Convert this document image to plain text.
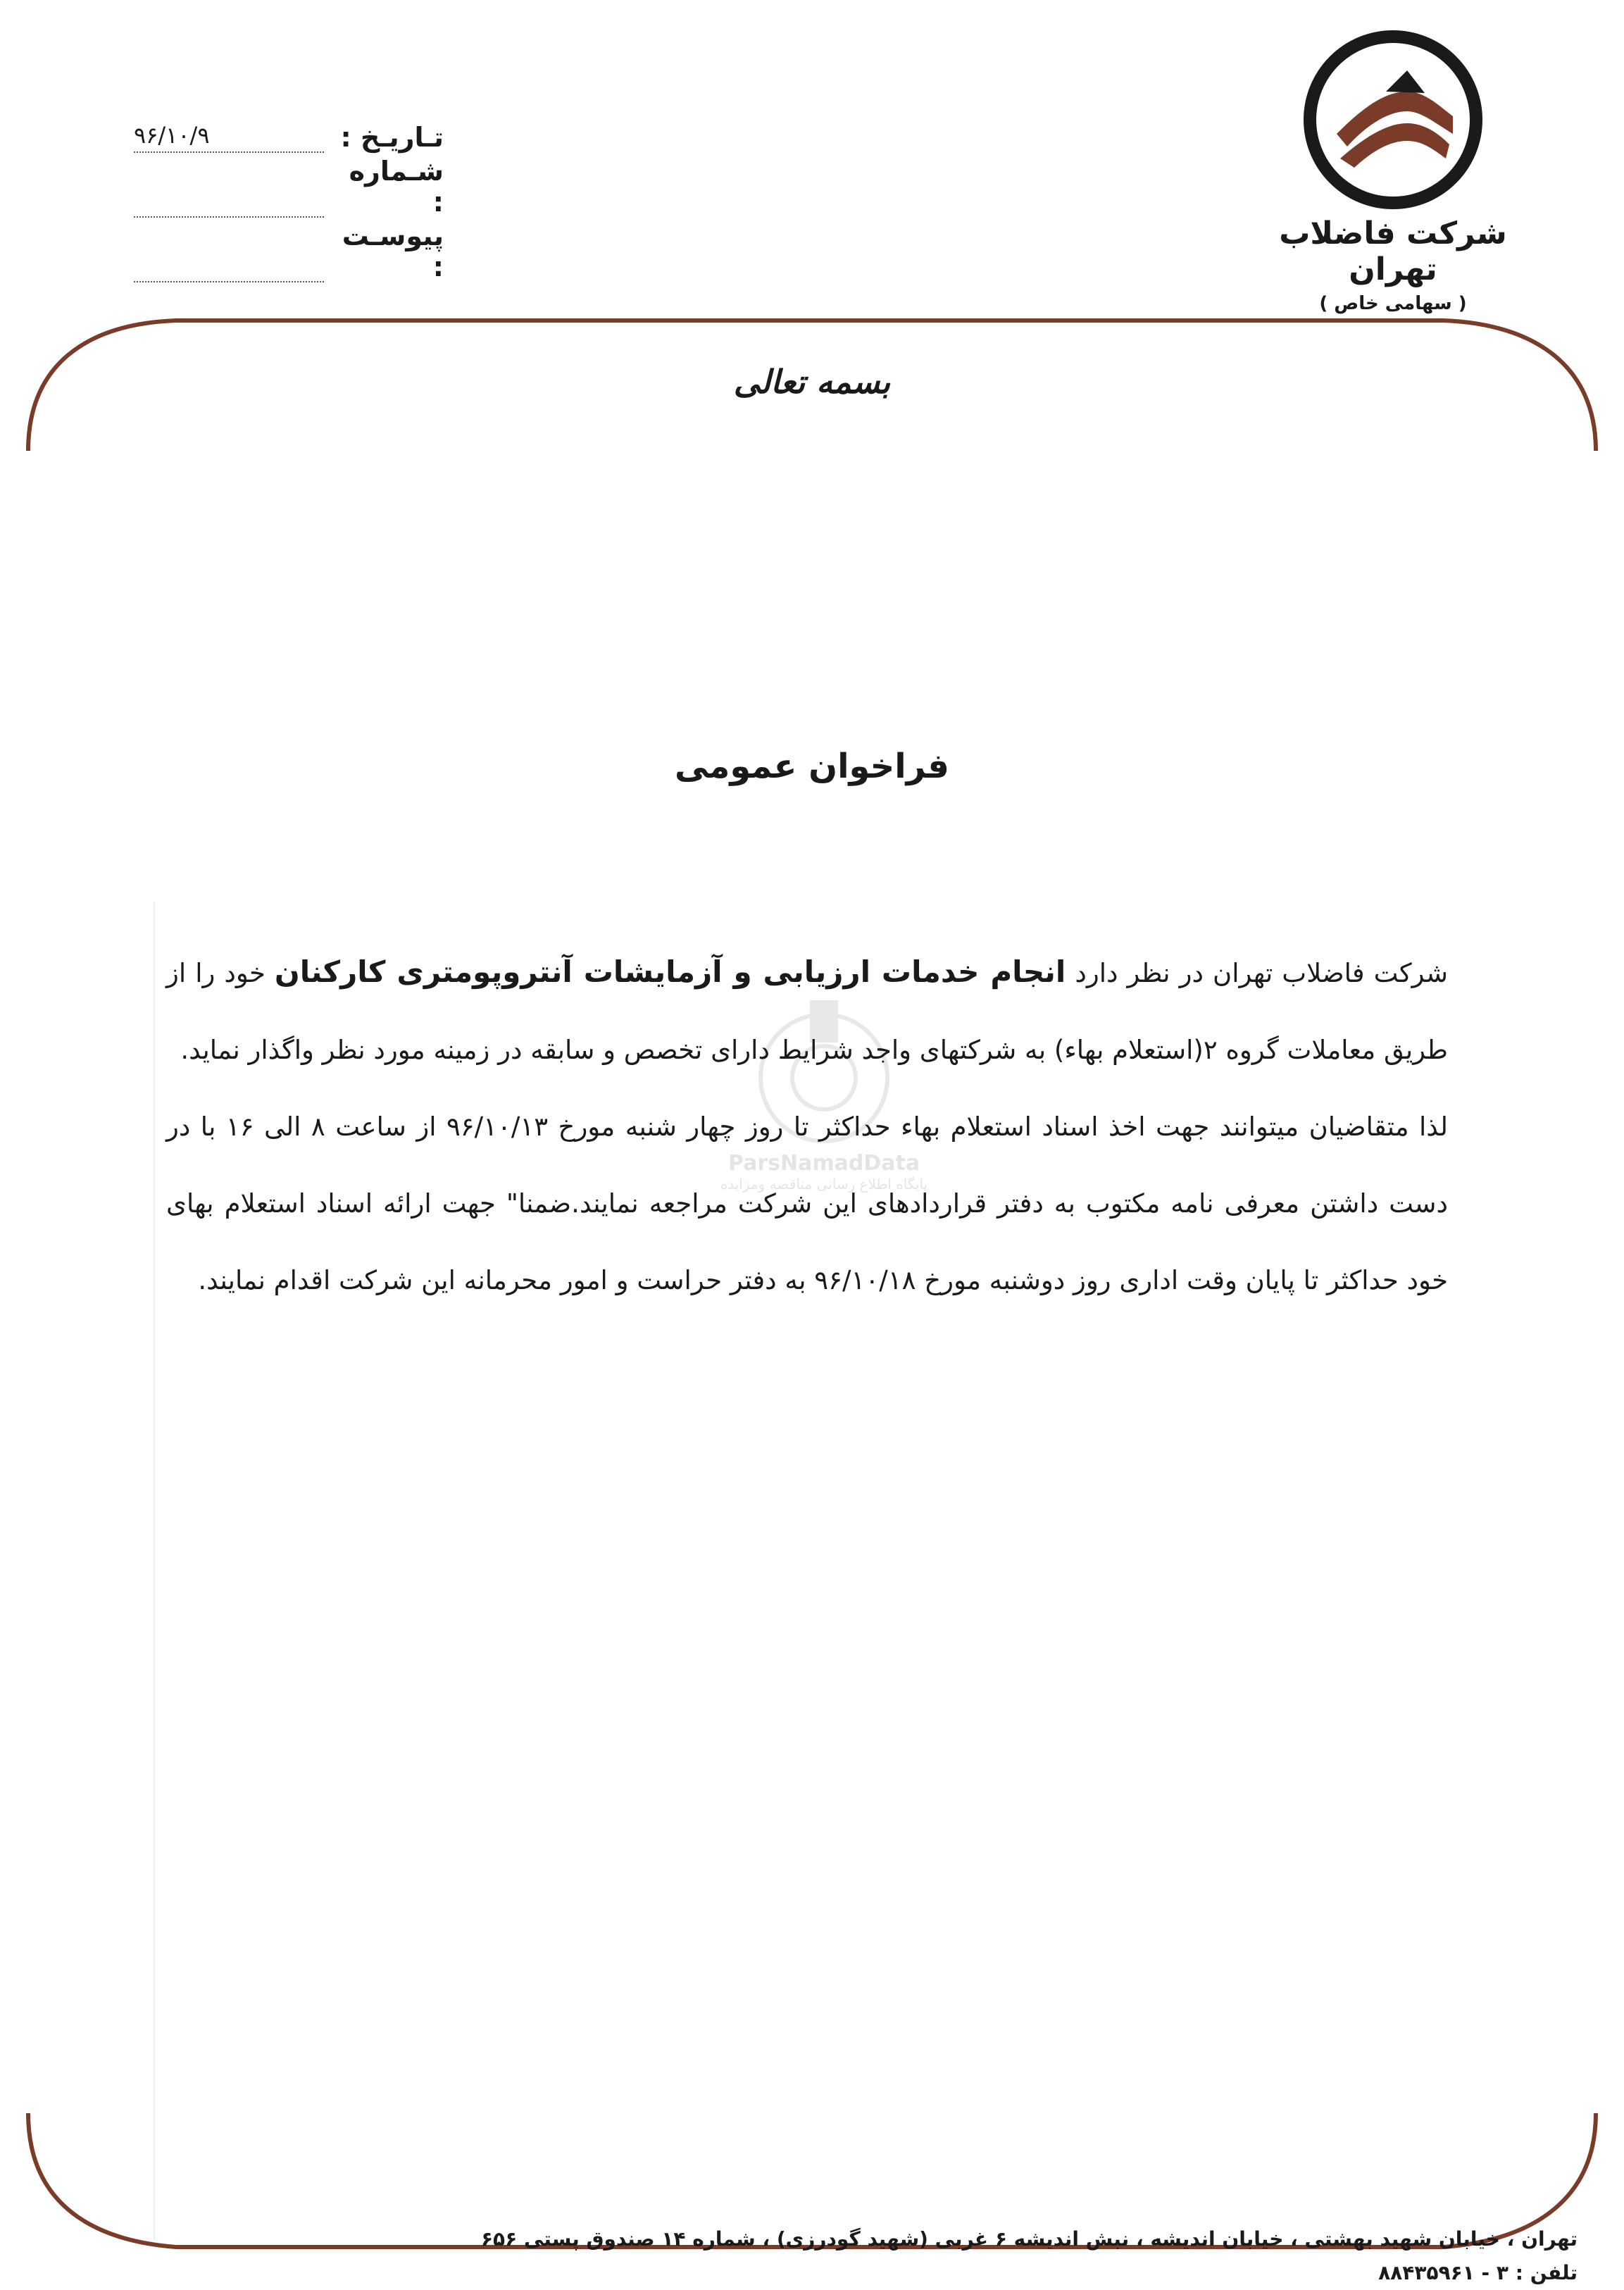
شرکت فاضلاب تهران
( سهامی خاص )
تـاریـخ :
۹۶/۱۰/۹
شـماره :
پیوسـت :
بسمه تعالی
فراخوان عمومی
ParsNamadData
پایگاه اطلاع رسانی مناقصه ومزایده

شرکت فاضلاب تهران در نظر دارد انجام خدمات ارزیابی و آزمایشات آنتروپومتری کارکنان خود را از طریق معاملات گروه ۲(استعلام بهاء) به شرکتهای واجد شرایط دارای تخصص و سابقه در زمینه مورد نظر واگذار نماید.

لذا متقاضیان میتوانند جهت اخذ اسناد استعلام بهاء حداکثر تا روز چهار شنبه مورخ ۹۶/۱۰/۱۳ از ساعت ۸ الی ۱۶ با در دست داشتن معرفی نامه مکتوب به دفتر قراردادهای این شرکت مراجعه نمایند.ضمنا" جهت ارائه اسناد استعلام بهای خود حداکثر تا پایان وقت اداری روز دوشنبه مورخ ۹۶/۱۰/۱۸ به دفتر حراست و امور محرمانه این شرکت اقدام نمایند.

تهران ، خیابان شهید بهشتی ، خیابان اندیشه ، نبش اندیشه ۶ غربی (شهید گودرزی) ، شماره ۱۴ صندوق پستی ۶۵۶
تلفن : ۳ - ۸۸۴۳۵۹۶۱
